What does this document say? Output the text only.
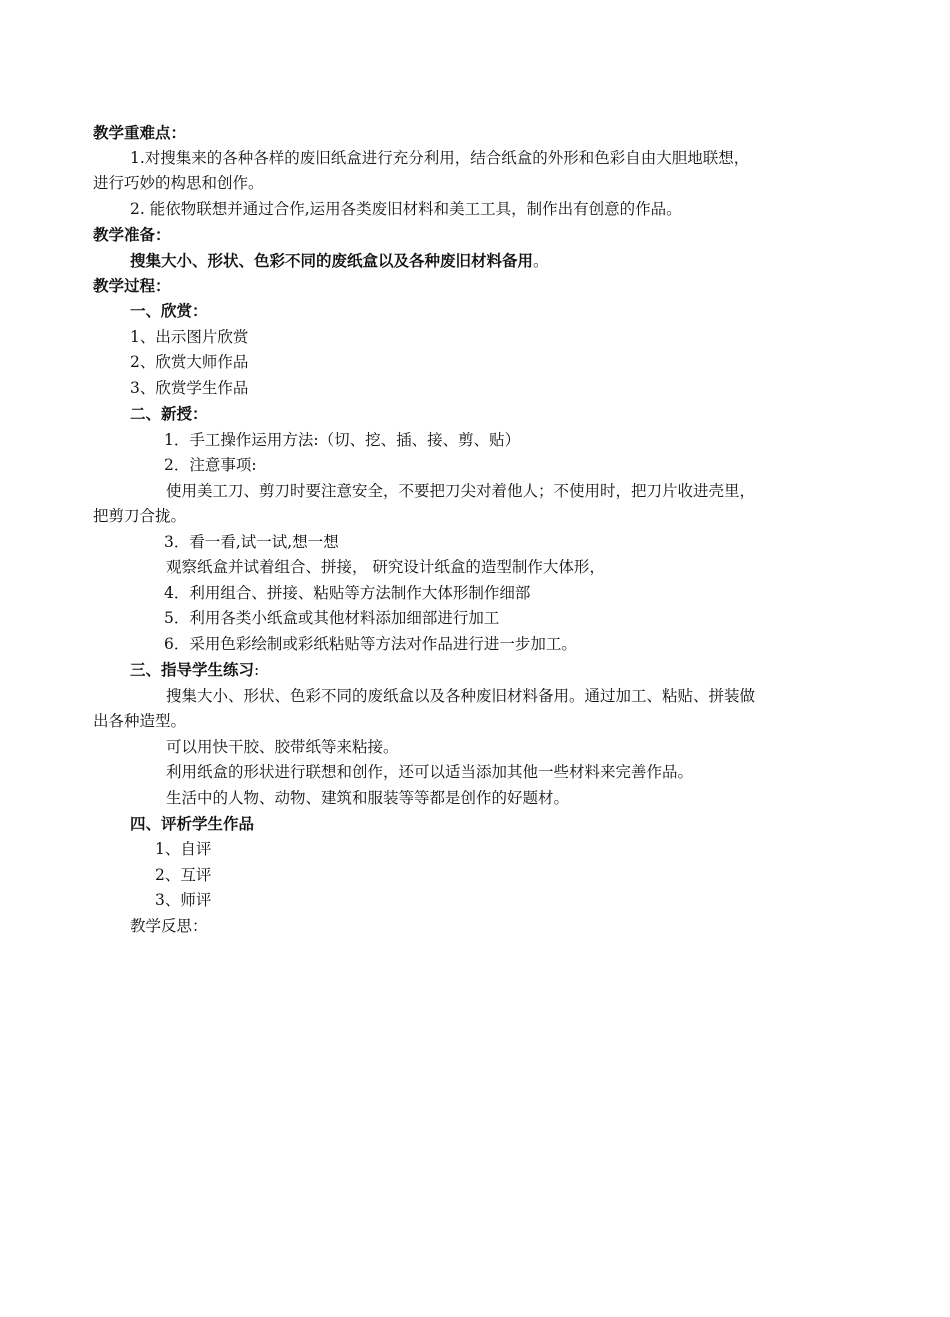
教学重难点：
1.对搜集来的各种各样的废旧纸盒进行充分利用，结合纸盒的外形和色彩自由大胆地联想，
进行巧妙的构思和创作。
2. 能依物联想并通过合作,运用各类废旧材料和美工工具，制作出有创意的作品。
教学准备：
搜集大小、形状、色彩不同的废纸盒以及各种废旧材料备用。
教学过程：
一、欣赏：
1、出示图片欣赏
2、欣赏大师作品
3、欣赏学生作品
二、新授：
1．手工操作运用方法:（切、挖、插、接、剪、贴）
2．注意事项:
使用美工刀、剪刀时要注意安全，不要把刀尖对着他人；不使用时，把刀片收进壳里，
把剪刀合拢。
3．看一看,试一试,想一想
观察纸盒并试着组合、拼接， 研究设计纸盒的造型制作大体形，
4．利用组合、拼接、粘贴等方法制作大体形制作细部
5．利用各类小纸盒或其他材料添加细部进行加工
6．采用色彩绘制或彩纸粘贴等方法对作品进行进一步加工。
三、指导学生练习:
搜集大小、形状、色彩不同的废纸盒以及各种废旧材料备用。通过加工、粘贴、拼装做
出各种造型。
可以用快干胶、胶带纸等来粘接。
利用纸盒的形状进行联想和创作，还可以适当添加其他一些材料来完善作品。
生活中的人物、动物、建筑和服装等等都是创作的好题材。
四、评析学生作品
1、自评
2、互评
3、师评
教学反思：
